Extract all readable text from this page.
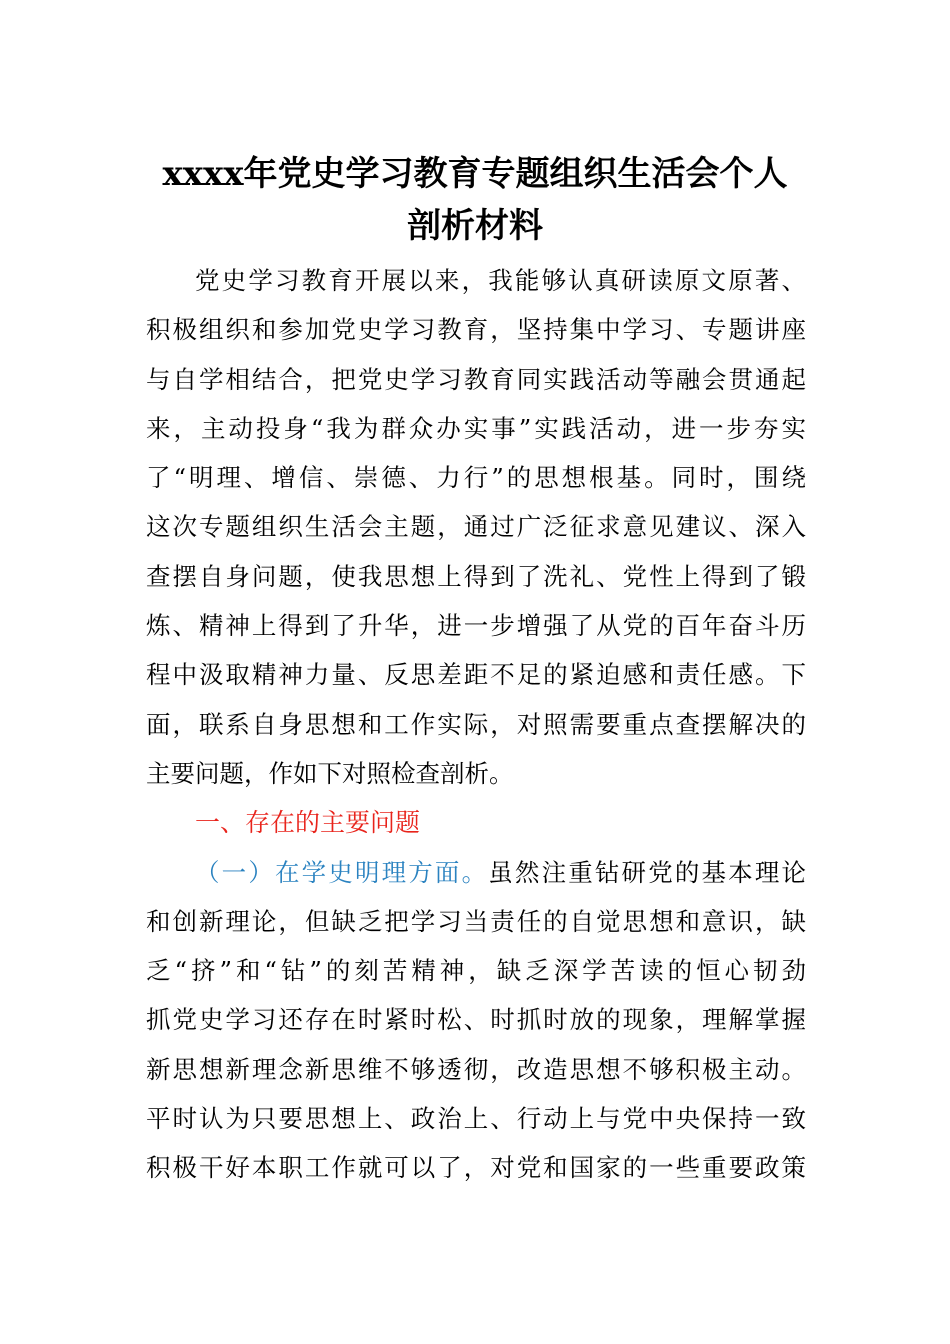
xxxx年党史学习教育专题组织生活会个人
剖析材料
党史学习教育开展以来，我能够认真研读原文原著、
积极组织和参加党史学习教育，坚持集中学习、专题讲座
与自学相结合，把党史学习教育同实践活动等融会贯通起
来，主动投身“我为群众办实事”实践活动，进一步夯实
了“明理、增信、崇德、力行”的思想根基。同时，围绕
这次专题组织生活会主题，通过广泛征求意见建议、深入
查摆自身问题，使我思想上得到了洗礼、党性上得到了锻
炼、精神上得到了升华，进一步增强了从党的百年奋斗历
程中汲取精神力量、反思差距不足的紧迫感和责任感。下
面，联系自身思想和工作实际，对照需要重点查摆解决的
主要问题，作如下对照检查剖析。
一、存在的主要问题
（一）在学史明理方面。虽然注重钻研党的基本理论
和创新理论，但缺乏把学习当责任的自觉思想和意识，缺
乏“挤”和“钻”的刻苦精神，缺乏深学苦读的恒心韧劲
抓党史学习还存在时紧时松、时抓时放的现象，理解掌握
新思想新理念新思维不够透彻，改造思想不够积极主动。
平时认为只要思想上、政治上、行动上与党中央保持一致
积极干好本职工作就可以了，对党和国家的一些重要政策
